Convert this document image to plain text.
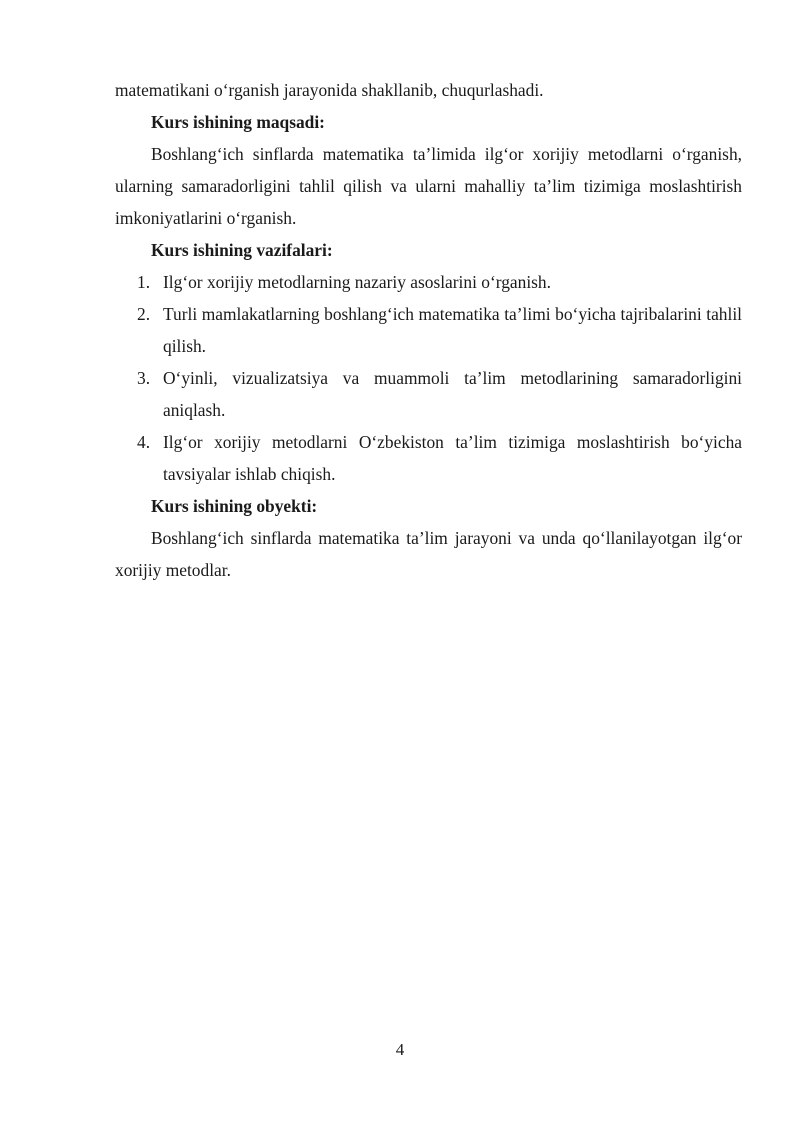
matematikani o‘rganish jarayonida shakllanib, chuqurlashadi.

Kurs ishining maqsadi:

Boshlang‘ich sinflarda matematika ta’limida ilg‘or xorijiy metodlarni o‘rganish, ularning samaradorligini tahlil qilish va ularni mahalliy ta’lim tizimiga moslashtirish imkoniyatlarini o‘rganish.

Kurs ishining vazifalari:

1. Ilg‘or xorijiy metodlarning nazariy asoslarini o‘rganish.
2. Turli mamlakatlarning boshlang‘ich matematika ta’limi bo‘yicha tajribalarini tahlil qilish.
3. O‘yinli, vizualizatsiya va muammoli ta’lim metodlarining samaradorligini aniqlash.
4. Ilg‘or xorijiy metodlarni O‘zbekiston ta’lim tizimiga moslashtirish bo‘yicha tavsiyalar ishlab chiqish.

Kurs ishining obyekti:

Boshlang‘ich sinflarda matematika ta’lim jarayoni va unda qo‘llanilayotgan ilg‘or xorijiy metodlar.

4
